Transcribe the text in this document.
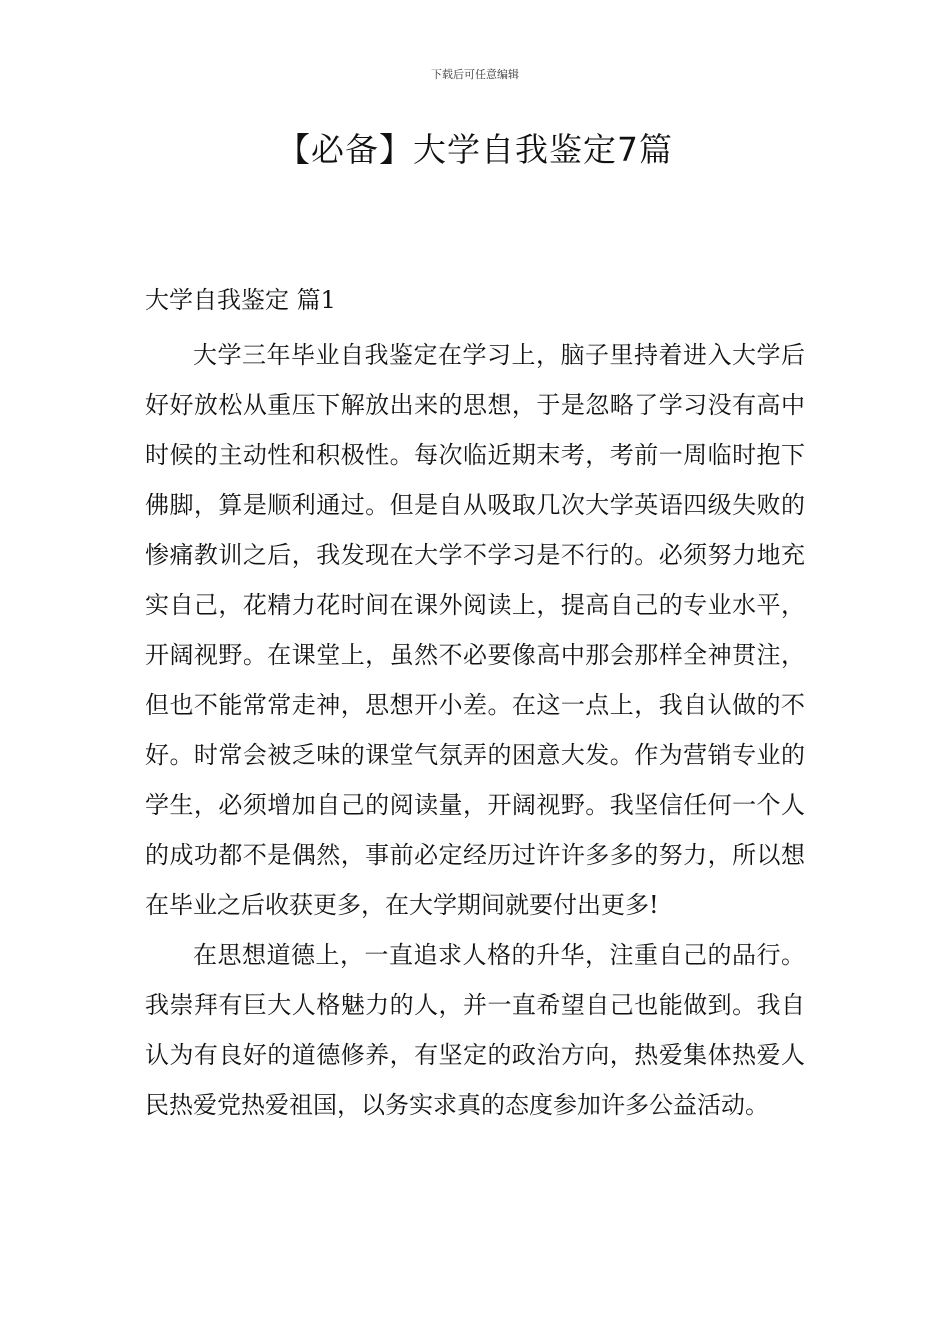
下载后可任意编辑
【必备】大学自我鉴定7篇
大学自我鉴定 篇1

大学三年毕业自我鉴定在学习上，脑子里持着进入大学后好好放松从重压下解放出来的思想，于是忽略了学习没有高中时候的主动性和积极性。每次临近期末考，考前一周临时抱下佛脚，算是顺利通过。但是自从吸取几次大学英语四级失败的惨痛教训之后，我发现在大学不学习是不行的。必须努力地充实自己，花精力花时间在课外阅读上，提高自己的专业水平，开阔视野。在课堂上，虽然不必要像高中那会那样全神贯注，但也不能常常走神，思想开小差。在这一点上，我自认做的不好。时常会被乏味的课堂气氛弄的困意大发。作为营销专业的学生，必须增加自己的阅读量，开阔视野。我坚信任何一个人的成功都不是偶然，事前必定经历过许许多多的努力，所以想在毕业之后收获更多，在大学期间就要付出更多!

在思想道德上，一直追求人格的升华，注重自己的品行。我崇拜有巨大人格魅力的人，并一直希望自己也能做到。我自认为有良好的道德修养，有坚定的政治方向，热爱集体热爱人民热爱党热爱祖国，以务实求真的态度参加许多公益活动。
